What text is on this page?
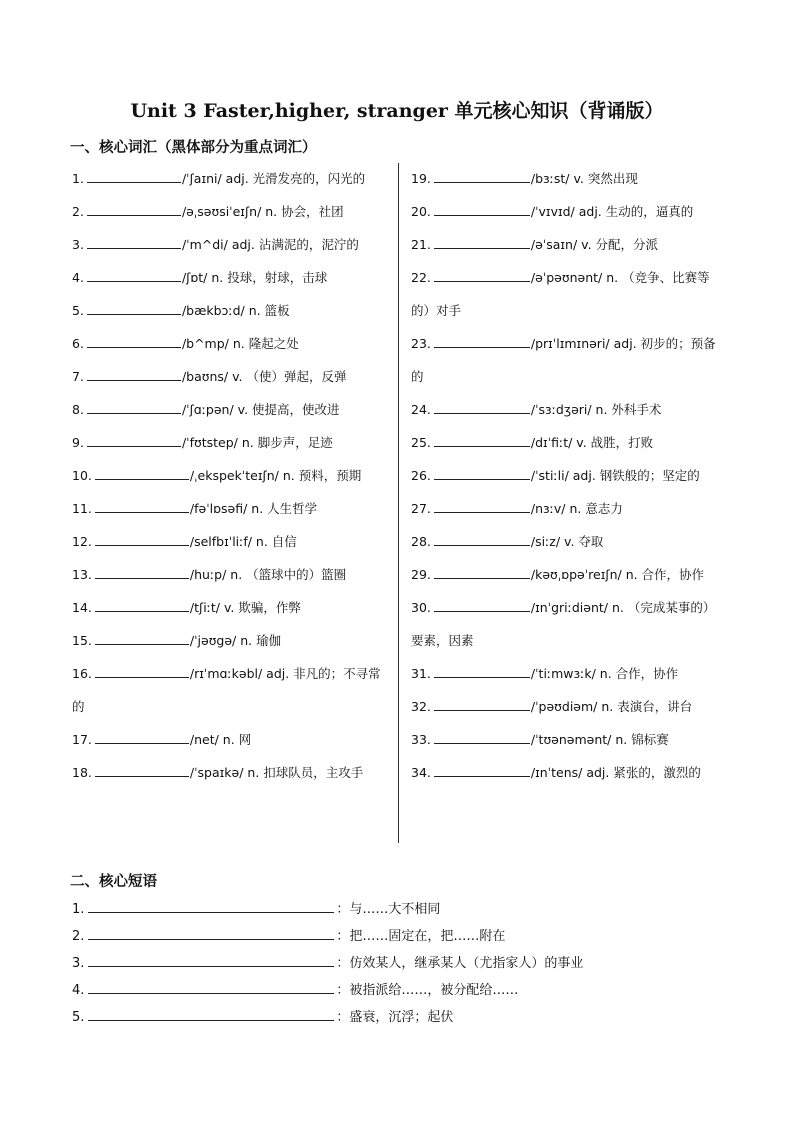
Unit 3 Faster,higher, stranger 单元核心知识（背诵版）
一、核心词汇（黑体部分为重点词汇）
1.	/ˈʃaɪni/ adj. 光滑发亮的，闪光的
2.	/əˌsəʊsiˈeɪʃn/ n. 协会，社团
3.	/ˈm^di/ adj. 沾满泥的，泥泞的
4.	/ʃɒt/ n. 投球，射球，击球
5.	/bækbɔːd/ n. 篮板
6.	/b^mp/ n. 隆起之处
7.	/baʊns/ v. （使）弹起，反弹
8.	/ˈʃɑːpən/ v. 使提高，使改进
9.	/ˈfʊtstep/ n. 脚步声，足迹
10.	/ˌekspekˈteɪʃn/ n. 预料，预期
11.	/fəˈlɒsəfi/ n. 人生哲学
12.	/selfbɪˈliːf/ n. 自信
13.	/huːp/ n. （篮球中的）篮圈
14.	/tʃiːt/ v. 欺骗，作弊
15.	/ˈjəʊgə/ n. 瑜伽
16.	/rɪˈmɑːkəbl/ adj. 非凡的；不寻常
的
17.	/net/ n. 网
18.	/ˈspaɪkə/ n. 扣球队员，主攻手
19.	/bɜːst/ v. 突然出现
20.	/ˈvɪvɪd/ adj. 生动的，逼真的
21.	/əˈsaɪn/ v. 分配，分派
22.	/əˈpəʊnənt/ n. （竞争、比赛等
的）对手
23.	/prɪˈlɪmɪnəri/ adj. 初步的；预备
的
24.	/ˈsɜːdʒəri/ n. 外科手术
25.	/dɪˈfiːt/ v. 战胜，打败
26.	/ˈstiːli/ adj. 钢铁般的；坚定的
27.	/nɜːv/ n. 意志力
28.	/siːz/ v. 夺取
29.	/kəʊˌɒpəˈreɪʃn/ n. 合作，协作
30.	/ɪnˈgriːdiənt/ n. （完成某事的）
要素，因素
31.	/ˈtiːmwɜːk/ n. 合作，协作
32.	/ˈpəʊdiəm/ n. 表演台，讲台
33.	/ˈtʊənəmənt/ n. 锦标赛
34.	/ɪnˈtens/ adj. 紧张的，激烈的
二、核心短语
1.	：与……大不相同
2.	：把……固定在，把……附在
3.	：仿效某人，继承某人（尤指家人）的事业
4.	：被指派给……，被分配给……
5.	：盛衰，沉浮；起伏
